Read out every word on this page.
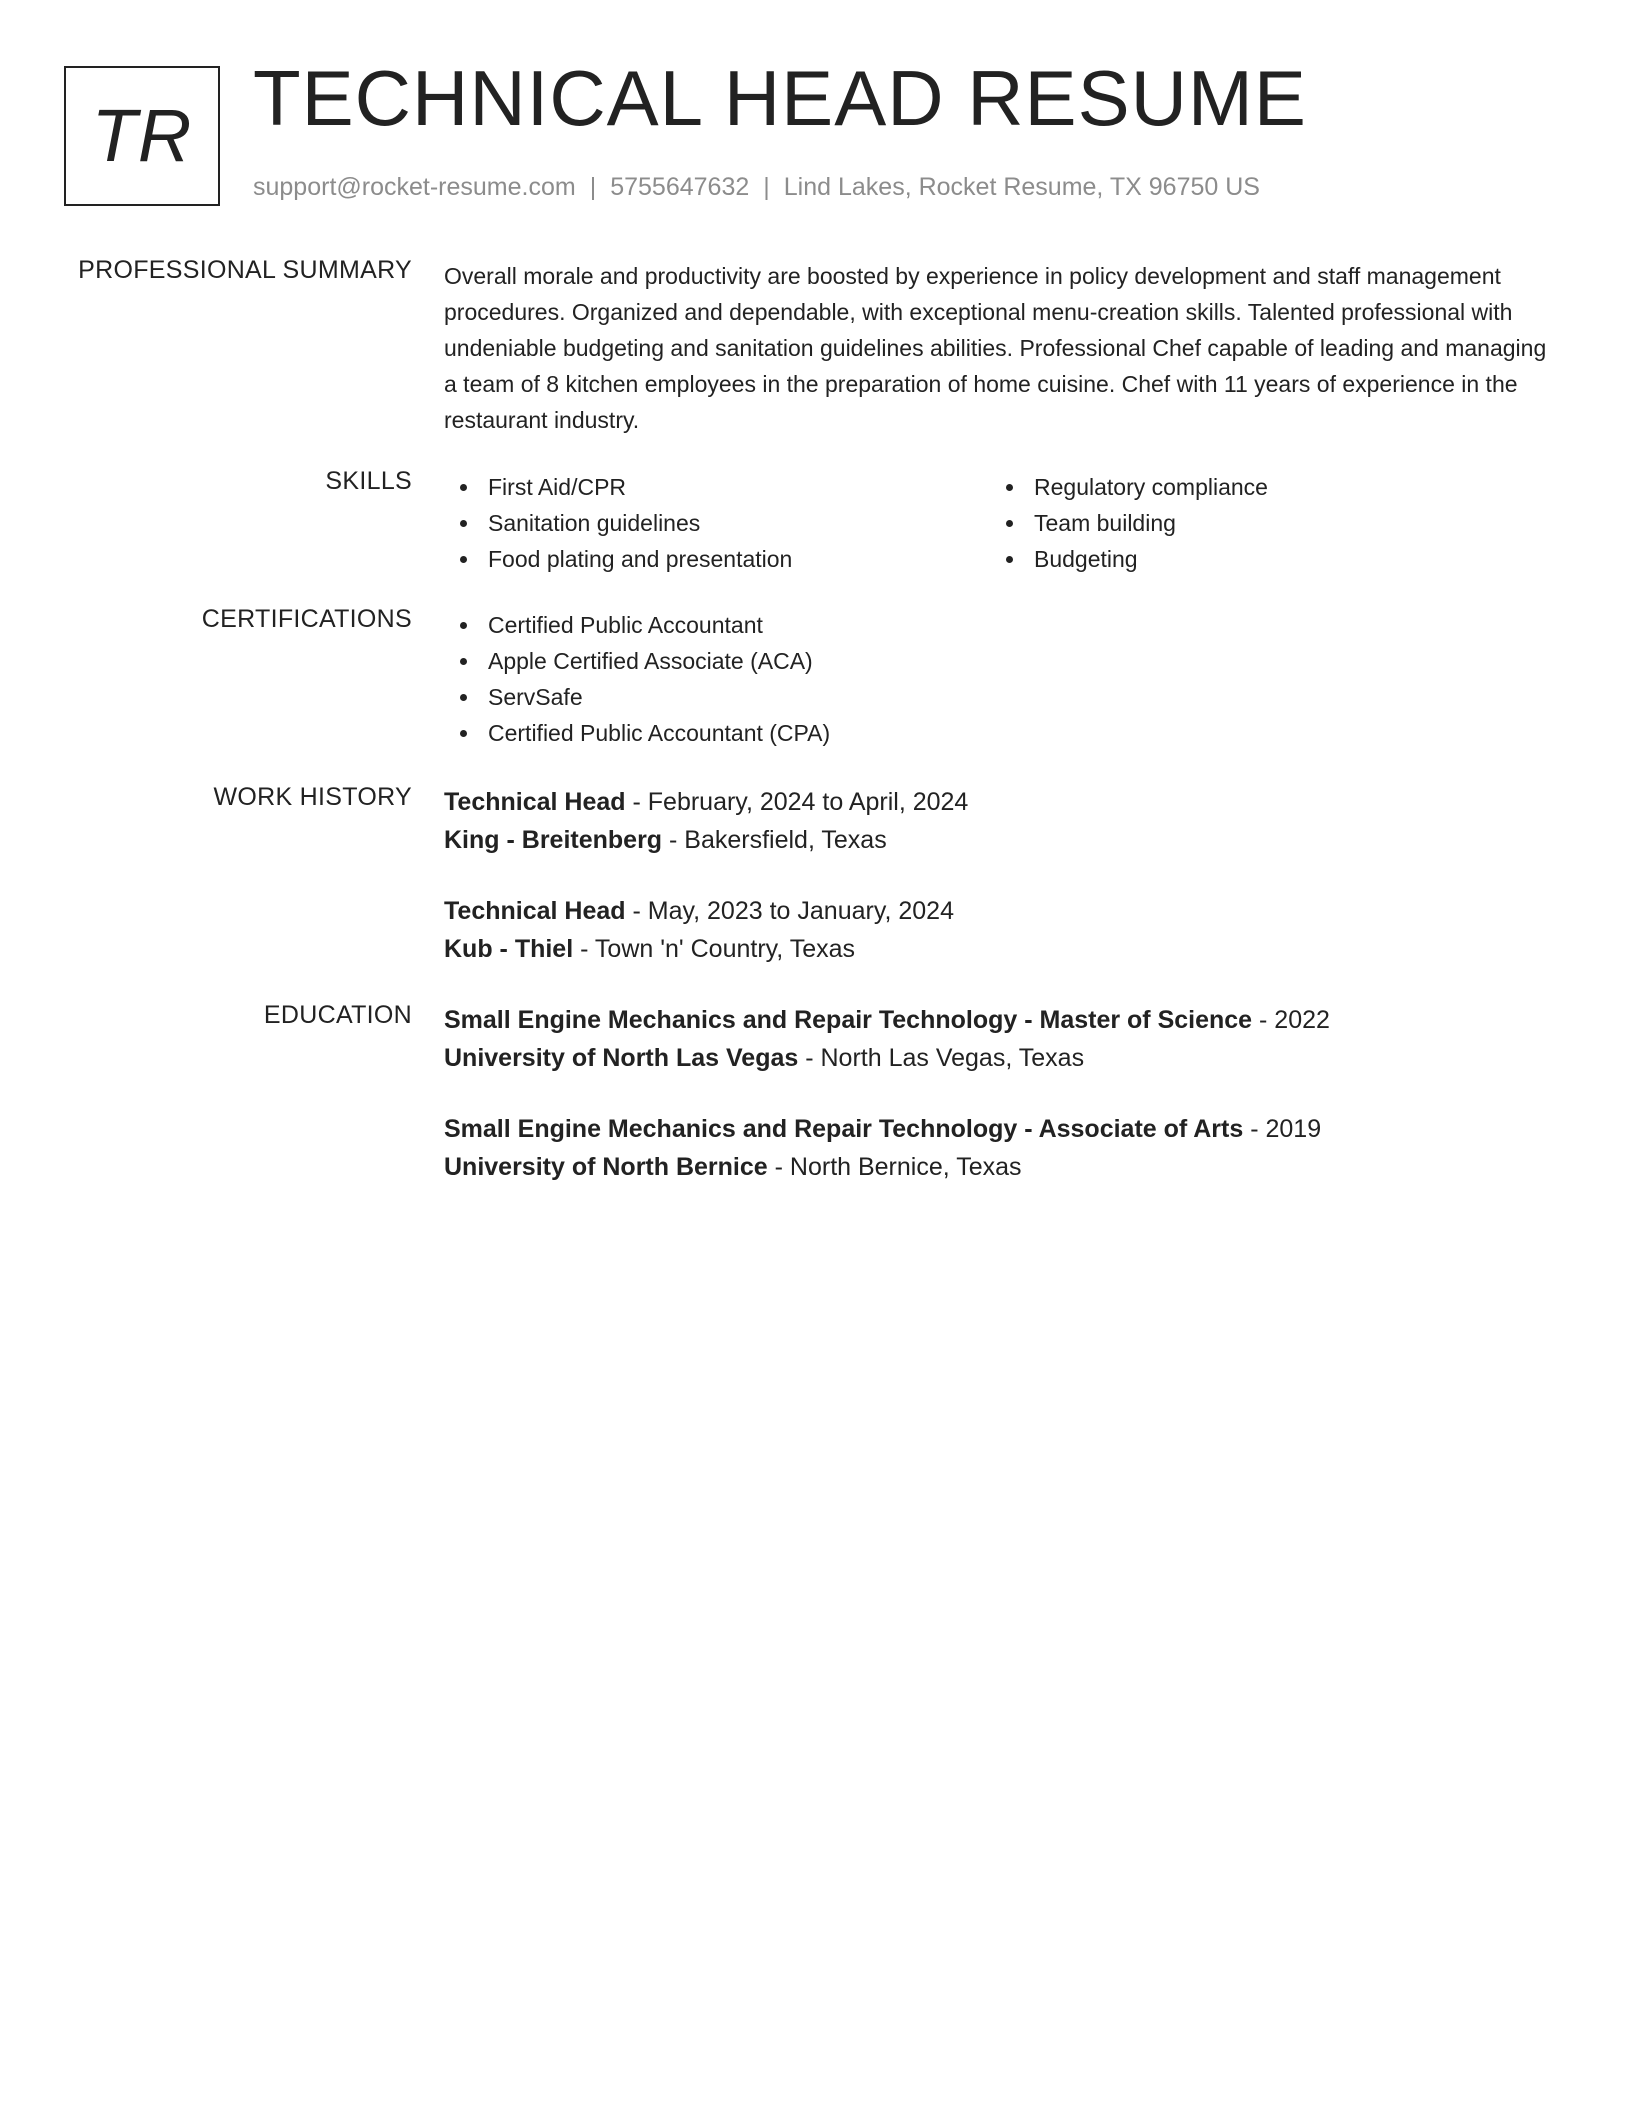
TR TECHNICAL HEAD RESUME
support@rocket-resume.com | 5755647632 | Lind Lakes, Rocket Resume, TX 96750 US
PROFESSIONAL SUMMARY Overall morale and productivity are boosted by experience in policy development and staff management procedures. Organized and dependable, with exceptional menu-creation skills. Talented professional with undeniable budgeting and sanitation guidelines abilities. Professional Chef capable of leading and managing a team of 8 kitchen employees in the preparation of home cuisine. Chef with 11 years of experience in the restaurant industry.

SKILLS	First Aid/CPR
Sanitation guidelines
Food plating and presentation
Regulatory compliance
Team building
Budgeting
CERTIFICATIONS	Certified Public Accountant
Apple Certified Associate (ACA)
ServSafe
Certified Public Accountant (CPA)
WORK HISTORY Technical Head - February, 2024 to April, 2024
King - Breitenberg - Bakersfield, Texas
Technical Head - May, 2023 to January, 2024
Kub - Thiel - Town 'n' Country, Texas
EDUCATION Small Engine Mechanics and Repair Technology - Master of Science - 2022
University of North Las Vegas - North Las Vegas, Texas
Small Engine Mechanics and Repair Technology - Associate of Arts - 2019
University of North Bernice - North Bernice, Texas
